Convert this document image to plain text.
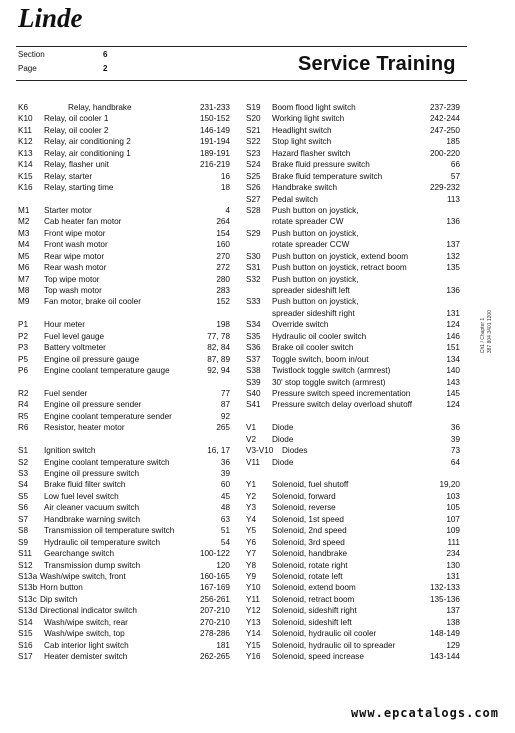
Linde
Section	6
Page	2	Service Training
K6	Relay, handbrake	231-233
K10 Relay, oil cooler 1	150-152
K11 Relay, oil cooler 2	146-149
K12 Relay, air conditioning 2	191-194
K13 Relay, air conditioning 1	189-191
K14 Relay, flasher unit	216-219
K15 Relay, starter	16
K16 Relay, starting time	18
M1 Starter motor	4
M2 Cab heater fan motor	264
M3 Front wipe motor	154
M4 Front wash motor	160
M5 Rear wipe motor	270
M6 Rear wash motor	272
M7 Top wipe motor	280
M8 Top wash motor	283
M9 Fan motor, brake oil cooler	152
P1 Hour meter	198
P2 Fuel level gauge	77, 78
P3 Battery voltmeter	82, 84
P5 Engine oil pressure gauge	87, 89
P6 Engine coolant temperature gauge	92, 94
R2 Fuel sender	77
R4 Engine oil pressure sender	87
R5 Engine coolant temperature sender	92
R6 Resistor, heater motor	265
S1 Ignition switch	16, 17
S2 Engine coolant temperature switch	36
S3 Engine oil pressure switch	39
S4 Brake fluid filter switch	60
S5 Low fuel level switch	45
S6 Air cleaner vacuum switch	48
S7 Handbrake warning switch	63
S8 Transmission oil temperature switch	51
S9 Hydraulic oil temperature switch	54
S11 Gearchange switch	100-122
S12 Transmission dump switch	120
S13a Wash/wipe switch, front	160-165
S13b Horn button	167-169
S13c Dip switch	256-261
S13d Directional indicator switch	207-210
S14 Wash/wipe switch, rear	270-210
S15 Wash/wipe switch, top	278-286
S16 Cab interior light switch	181
S17 Heater demister switch	262-265
S19 Boom flood light switch	237-239
S20 Working light switch	242-244
S21 Headlight switch	247-250
S22 Stop light switch	185
S23 Hazard flasher switch	200-220
S24 Brake fluid pressure switch	66
S25 Brake fluid temperature switch	57
S26 Handbrake switch	229-232
S27 Pedal switch	113
S28 Push button on joystick,
rotate spreader CW	136
S29 Push button on joystick,
rotate spreader CCW	137
S30 Push button on joystick, extend boom	132
S31 Push button on joystick, retract boom	135
S32 Push button on joystick,
spreader sideshift left	136
S33 Push button on joystick,
spreader sideshift right	131
S34 Override switch	124
S35 Hydraulic oil cooler switch	146
S36 Brake oil cooler switch	151
S37 Toggle switch, boom in/out	134
S38 Twistlock toggle switch (armrest)	140
S39 30' stop toggle switch (armrest)	143
S40 Pressure switch speed incrementation	145
S41 Pressure switch delay overload shutoff	124
V1 Diode	36
V2 Diode	39
V3-V10 Diodes	73
V11 Diode	64
Y1 Solenoid, fuel shutoff	19,20
Y2 Solenoid, forward	103
Y3 Solenoid, reverse	105
Y4 Solenoid, 1st speed	107
Y5 Solenoid, 2nd speed	109
Y6 Solenoid, 3rd speed	111
Y7 Solenoid, handbrake	234
Y8 Solenoid, rotate right	130
Y9 Solenoid, rotate left	131
Y10 Solenoid, extend boom	132-133
Y11 Solenoid, retract boom	135-136
Y12 Solenoid, sideshift right	137
Y13 Solenoid, sideshift left	138
Y14 Solenoid, hydraulic oil cooler	148-149
Y15 Solenoid, hydraulic oil to spreader	129
Y16 Solenoid, speed increase	143-144
Ch1 / Chapter 1 387 804 3401 1200
www.epcatalogs.com
